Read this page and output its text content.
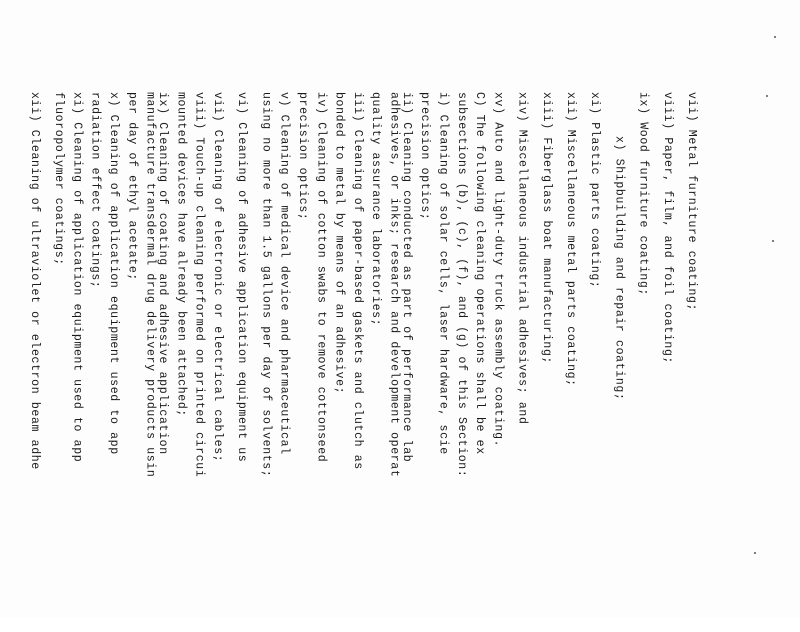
vii) Metal furniture coating;
viii) Paper, film, and foil coating;
ix) Wood furniture coating;
x) Shipbuilding and repair coating;
xi) Plastic parts coating;
xii) Miscellaneous metal parts coating;
xiii) Fiberglass boat manufacturing;
xiv) Miscellaneous industrial adhesives; and
xv) Auto and light-duty truck assembly coating.
C) The following cleaning operations shall be ex
subsections (b), (c), (f), and (g) of this Section:
i) Cleaning of solar cells, laser hardware, scie
precision optics;
ii) Cleaning conducted as part of performance lab
adhesives, or inks; research and development operat
quality assurance laboratories;
iii) Cleaning of paper-based gaskets and clutch as
bonded to metal by means of an adhesive;
iv) Cleaning of cotton swabs to remove cottonseed
precision optics;
v) Cleaning of medical device and pharmaceutical
using no more than 1.5 gallons per day of solvents;
vi) Cleaning of adhesive application equipment us
vii) Cleaning of electronic or electrical cables;
viii) Touch-up cleaning performed on printed circui
mounted devices have already been attached;
ix) Cleaning of coating and adhesive application
manufacture transdermal drug delivery products usin
per day of ethyl acetate;
x) Cleaning of application equipment used to app
radiation effect coatings;
xi) Cleaning of application equipment used to app
fluoropolymer coatings;
xii) Cleaning of ultraviolet or electron beam adhe
